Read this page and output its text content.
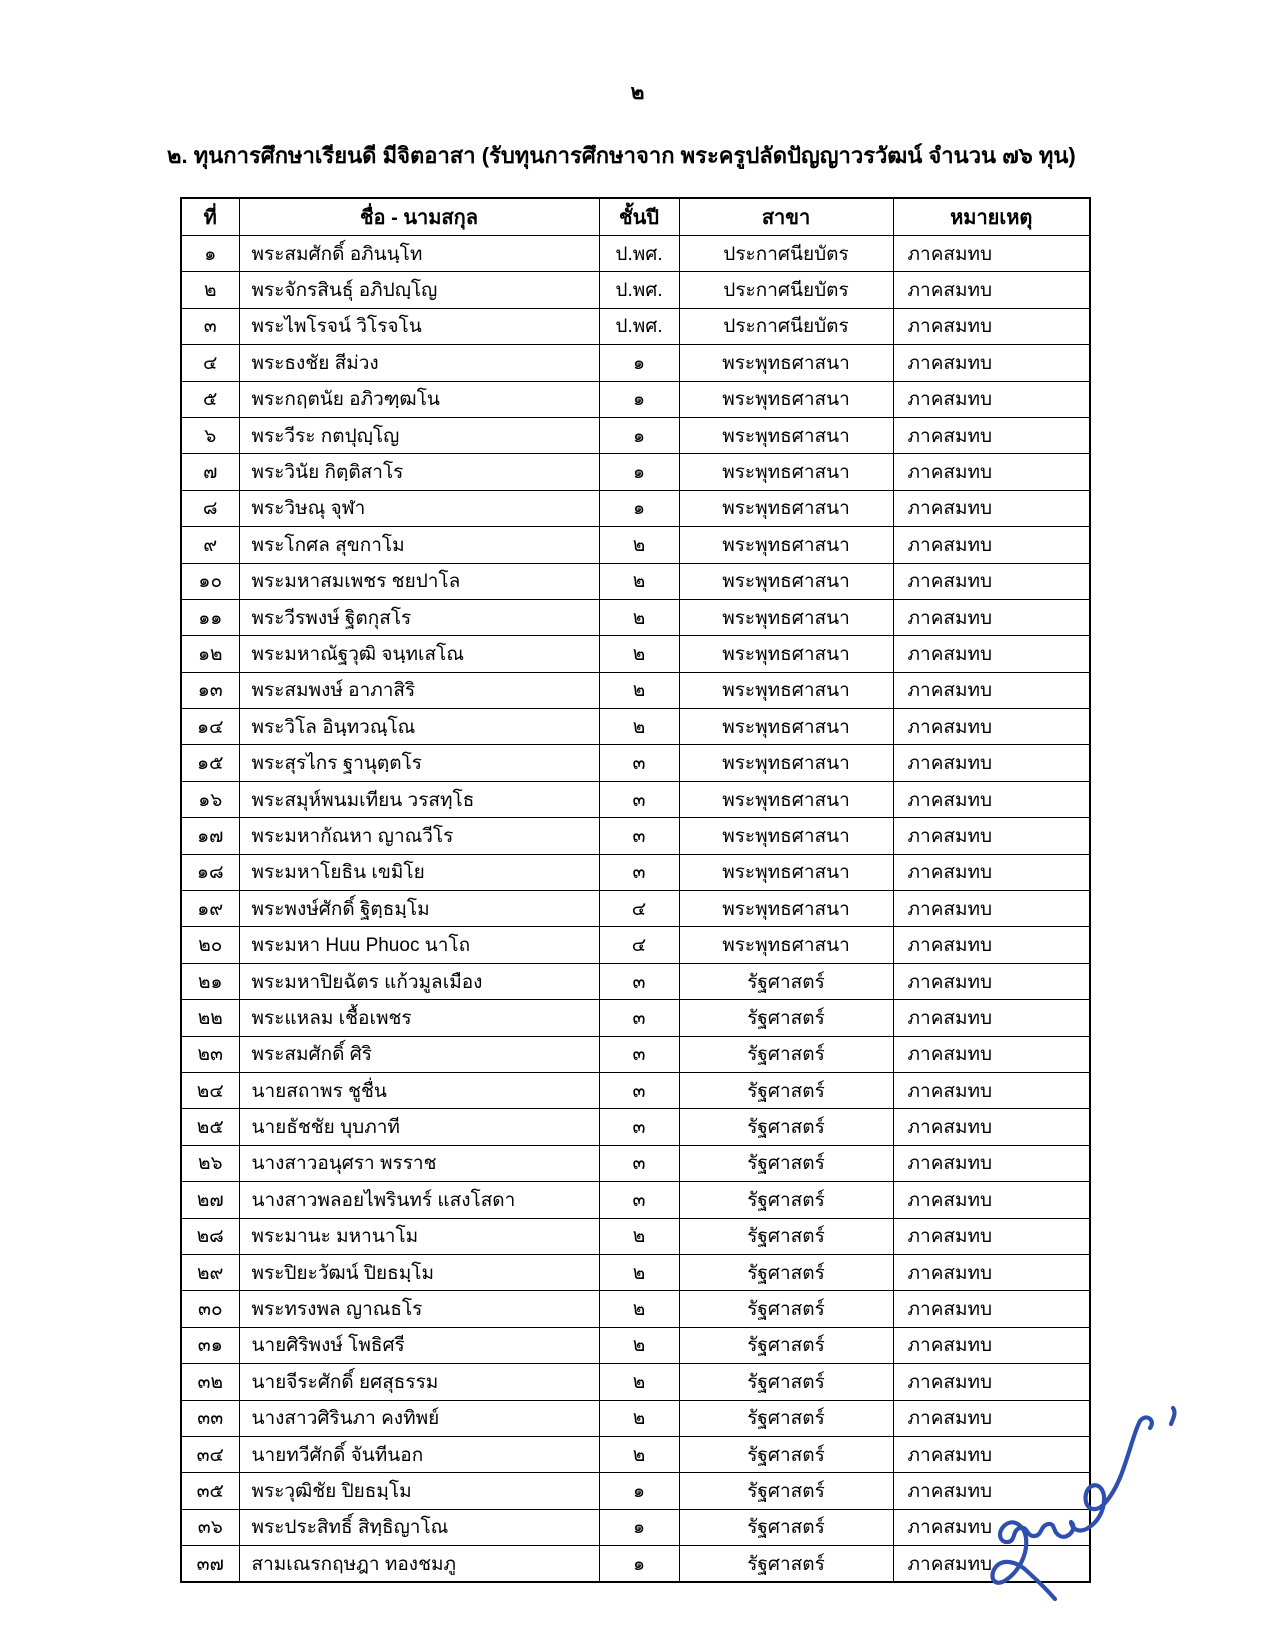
๒
๒. ทุนการศึกษาเรียนดี มีจิตอาสา (รับทุนการศึกษาจาก พระครูปลัดปัญญาวรวัฒน์ จำนวน ๗๖ ทุน)
ที่	ชื่อ - นามสกุล	ชั้นปี	สาขา	หมายเหตุ
๑	พระสมศักดิ์ อภินนฺโท	ป.พศ.	ประกาศนียบัตร	ภาคสมทบ
๒	พระจักรสินธุ์ อภิปญฺโญ	ป.พศ.	ประกาศนียบัตร	ภาคสมทบ
๓	พระไพโรจน์ วิโรจโน	ป.พศ.	ประกาศนียบัตร	ภาคสมทบ
๔	พระธงชัย สีม่วง	๑	พระพุทธศาสนา	ภาคสมทบ
๕	พระกฤตนัย อภิวฑฺฒโน	๑	พระพุทธศาสนา	ภาคสมทบ
๖	พระวีระ กตปุญฺโญ	๑	พระพุทธศาสนา	ภาคสมทบ
๗	พระวินัย กิตฺติสาโร	๑	พระพุทธศาสนา	ภาคสมทบ
๘	พระวิษณุ จุฬา	๑	พระพุทธศาสนา	ภาคสมทบ
๙	พระโกศล สุขกาโม	๒	พระพุทธศาสนา	ภาคสมทบ
๑๐	พระมหาสมเพชร ชยปาโล	๒	พระพุทธศาสนา	ภาคสมทบ
๑๑	พระวีรพงษ์ ฐิตกุสโร	๒	พระพุทธศาสนา	ภาคสมทบ
๑๒	พระมหาณัฐวุฒิ จนฺทเสโณ	๒	พระพุทธศาสนา	ภาคสมทบ
๑๓	พระสมพงษ์ อาภาสิริ	๒	พระพุทธศาสนา	ภาคสมทบ
๑๔	พระวิโล อินฺทวณฺโณ	๒	พระพุทธศาสนา	ภาคสมทบ
๑๕	พระสุรไกร ฐานุตฺตโร	๓	พระพุทธศาสนา	ภาคสมทบ
๑๖	พระสมุห์พนมเทียน วรสทฺโธ	๓	พระพุทธศาสนา	ภาคสมทบ
๑๗	พระมหากัณหา ญาณวีโร	๓	พระพุทธศาสนา	ภาคสมทบ
๑๘	พระมหาโยธิน เขมิโย	๓	พระพุทธศาสนา	ภาคสมทบ
๑๙	พระพงษ์ศักดิ์ ฐิตฺธมฺโม	๔	พระพุทธศาสนา	ภาคสมทบ
๒๐	พระมหา Huu Phuoc นาโถ	๔	พระพุทธศาสนา	ภาคสมทบ
๒๑	พระมหาปิยฉัตร แก้วมูลเมือง	๓	รัฐศาสตร์	ภาคสมทบ
๒๒	พระแหลม เชื้อเพชร	๓	รัฐศาสตร์	ภาคสมทบ
๒๓	พระสมศักดิ์ ศิริ	๓	รัฐศาสตร์	ภาคสมทบ
๒๔	นายสถาพร ชูชื่น	๓	รัฐศาสตร์	ภาคสมทบ
๒๕	นายธัชชัย บุบภาที	๓	รัฐศาสตร์	ภาคสมทบ
๒๖	นางสาวอนุศรา พรราช	๓	รัฐศาสตร์	ภาคสมทบ
๒๗	นางสาวพลอยไพรินทร์ แสงโสดา	๓	รัฐศาสตร์	ภาคสมทบ
๒๘	พระมานะ มหานาโม	๒	รัฐศาสตร์	ภาคสมทบ
๒๙	พระปิยะวัฒน์ ปิยธมฺโม	๒	รัฐศาสตร์	ภาคสมทบ
๓๐	พระทรงพล ญาณธโร	๒	รัฐศาสตร์	ภาคสมทบ
๓๑	นายศิริพงษ์ โพธิศรี	๒	รัฐศาสตร์	ภาคสมทบ
๓๒	นายจีระศักดิ์ ยศสุธรรม	๒	รัฐศาสตร์	ภาคสมทบ
๓๓	นางสาวศิรินภา คงทิพย์	๒	รัฐศาสตร์	ภาคสมทบ
๓๔	นายทวีศักดิ์ จันทีนอก	๒	รัฐศาสตร์	ภาคสมทบ
๓๕	พระวุฒิชัย ปิยธมฺโม	๑	รัฐศาสตร์	ภาคสมทบ
๓๖	พระประสิทธิ์ สิทฺธิญาโณ	๑	รัฐศาสตร์	ภาคสมทบ
๓๗	สามเณรกฤษฎา ทองชมภู	๑	รัฐศาสตร์	ภาคสมทบ
